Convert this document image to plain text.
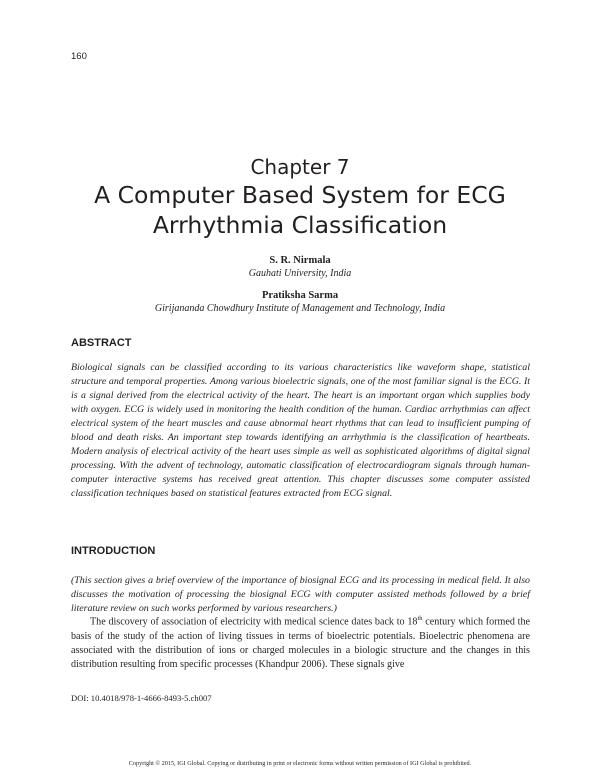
160
Chapter 7
A Computer Based System for ECG Arrhythmia Classification
S. R. Nirmala
Gauhati University, India
Pratiksha Sarma
Girijananda Chowdhury Institute of Management and Technology, India
ABSTRACT

Biological signals can be classified according to its various characteristics like waveform shape, statistical structure and temporal properties. Among various bioelectric signals, one of the most familiar signal is the ECG. It is a signal derived from the electrical activity of the heart. The heart is an important organ which supplies body with oxygen. ECG is widely used in monitoring the health condition of the human. Cardiac arrhythmias can affect electrical system of the heart muscles and cause abnormal heart rhythms that can lead to insufficient pumping of blood and death risks. An important step towards identifying an arrhythmia is the classification of heartbeats. Modern analysis of electrical activity of the heart uses simple as well as sophisticated algorithms of digital signal processing. With the advent of technology, automatic classification of electrocardiogram signals through human-computer interactive systems has received great attention. This chapter discusses some computer assisted classification techniques based on statistical features extracted from ECG signal.

INTRODUCTION

(This section gives a brief overview of the importance of biosignal ECG and its processing in medical field. It also discusses the motivation of processing the biosignal ECG with computer assisted methods followed by a brief literature review on such works performed by various researchers.)

The discovery of association of electricity with medical science dates back to 18th century which formed the basis of the study of the action of living tissues in terms of bioelectric potentials. Bioelectric phenomena are associated with the distribution of ions or charged molecules in a biologic structure and the changes in this distribution resulting from specific processes (Khandpur 2006). These signals give

DOI: 10.4018/978-1-4666-8493-5.ch007
Copyright © 2015, IGI Global. Copying or distributing in print or electronic forms without written permission of IGI Global is prohibited.
